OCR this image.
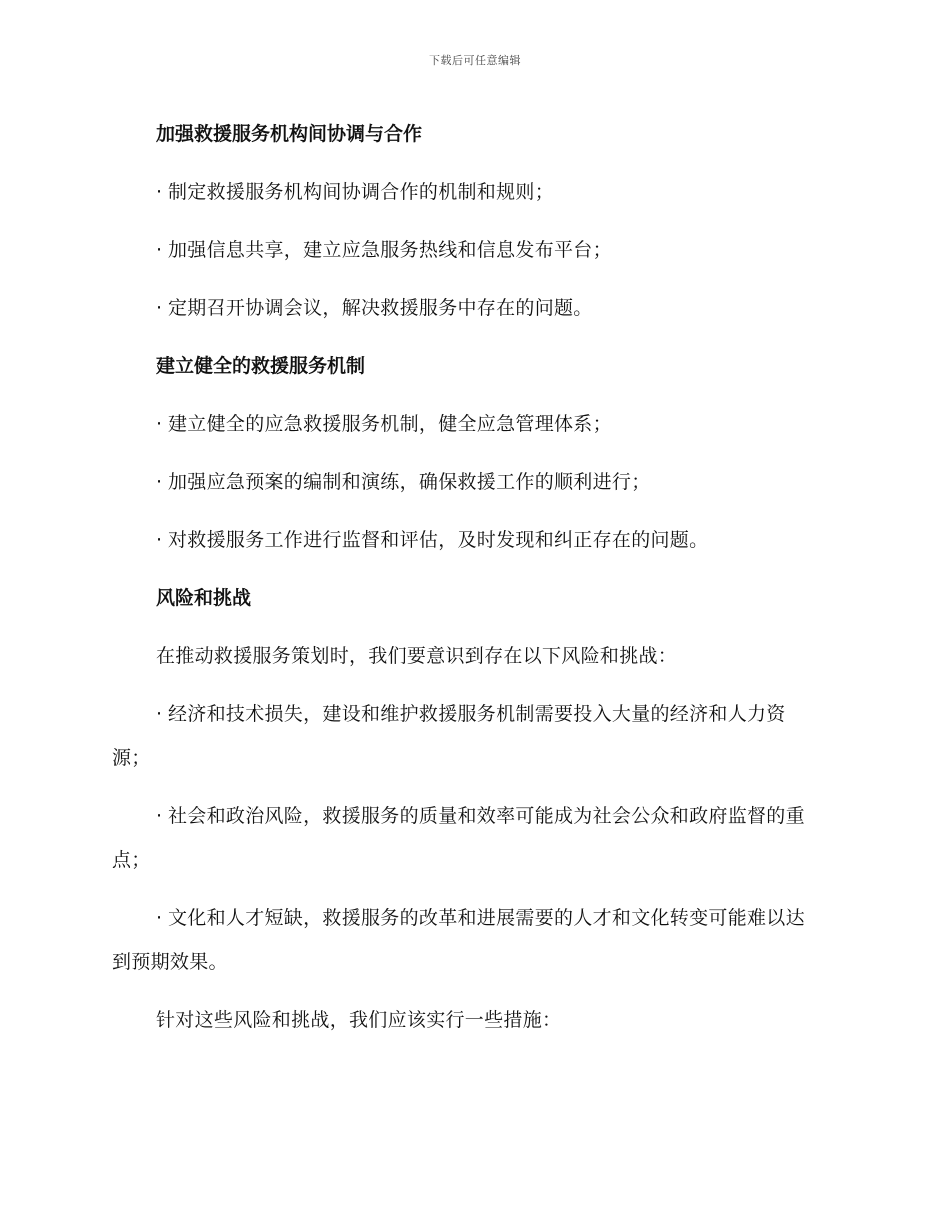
下载后可任意编辑
加强救援服务机构间协调与合作
· 制定救援服务机构间协调合作的机制和规则；
· 加强信息共享，建立应急服务热线和信息发布平台；
· 定期召开协调会议，解决救援服务中存在的问题。
建立健全的救援服务机制
· 建立健全的应急救援服务机制，健全应急管理体系；
· 加强应急预案的编制和演练，确保救援工作的顺利进行；
· 对救援服务工作进行监督和评估，及时发现和纠正存在的问题。
风险和挑战
在推动救援服务策划时，我们要意识到存在以下风险和挑战：
· 经济和技术损失，建设和维护救援服务机制需要投入大量的经济和人力资源；
· 社会和政治风险，救援服务的质量和效率可能成为社会公众和政府监督的重点；
· 文化和人才短缺，救援服务的改革和进展需要的人才和文化转变可能难以达到预期效果。
针对这些风险和挑战，我们应该实行一些措施：
